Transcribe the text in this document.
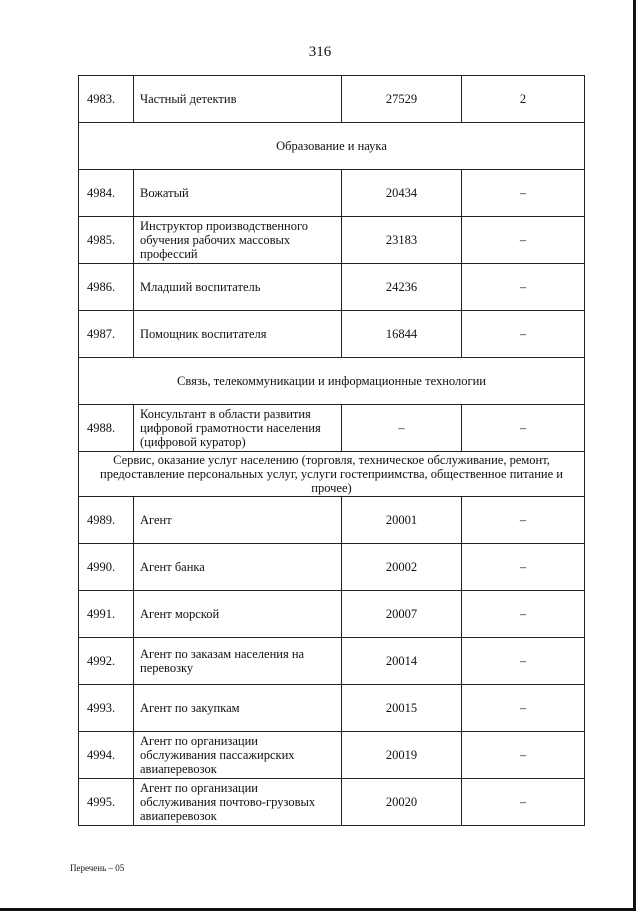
316
4983.	Частный детектив	27529	2
Образование и наука			
4984.	Вожатый	20434	–
4985.	Инструктор производственного обучения рабочих массовых профессий	23183	–
4986.	Младший воспитатель	24236	–
4987.	Помощник воспитателя	16844	–
Связь, телекоммуникации и информационные технологии			
4988.	Консультант в области развития цифровой грамотности населения (цифровой куратор)	–	–
Сервис, оказание услуг населению (торговля, техническое обслуживание, ремонт, предоставление персональных услуг, услуги гостеприимства, общественное питание и прочее)			
4989.	Агент	20001	–
4990.	Агент банка	20002	–
4991.	Агент морской	20007	–
4992.	Агент по заказам населения на перевозку	20014	–
4993.	Агент по закупкам	20015	–
4994.	Агент по организации обслуживания пассажирских авиаперевозок	20019	–
4995.	Агент по организации обслуживания почтово-грузовых авиаперевозок	20020	–
Перечень – 05
